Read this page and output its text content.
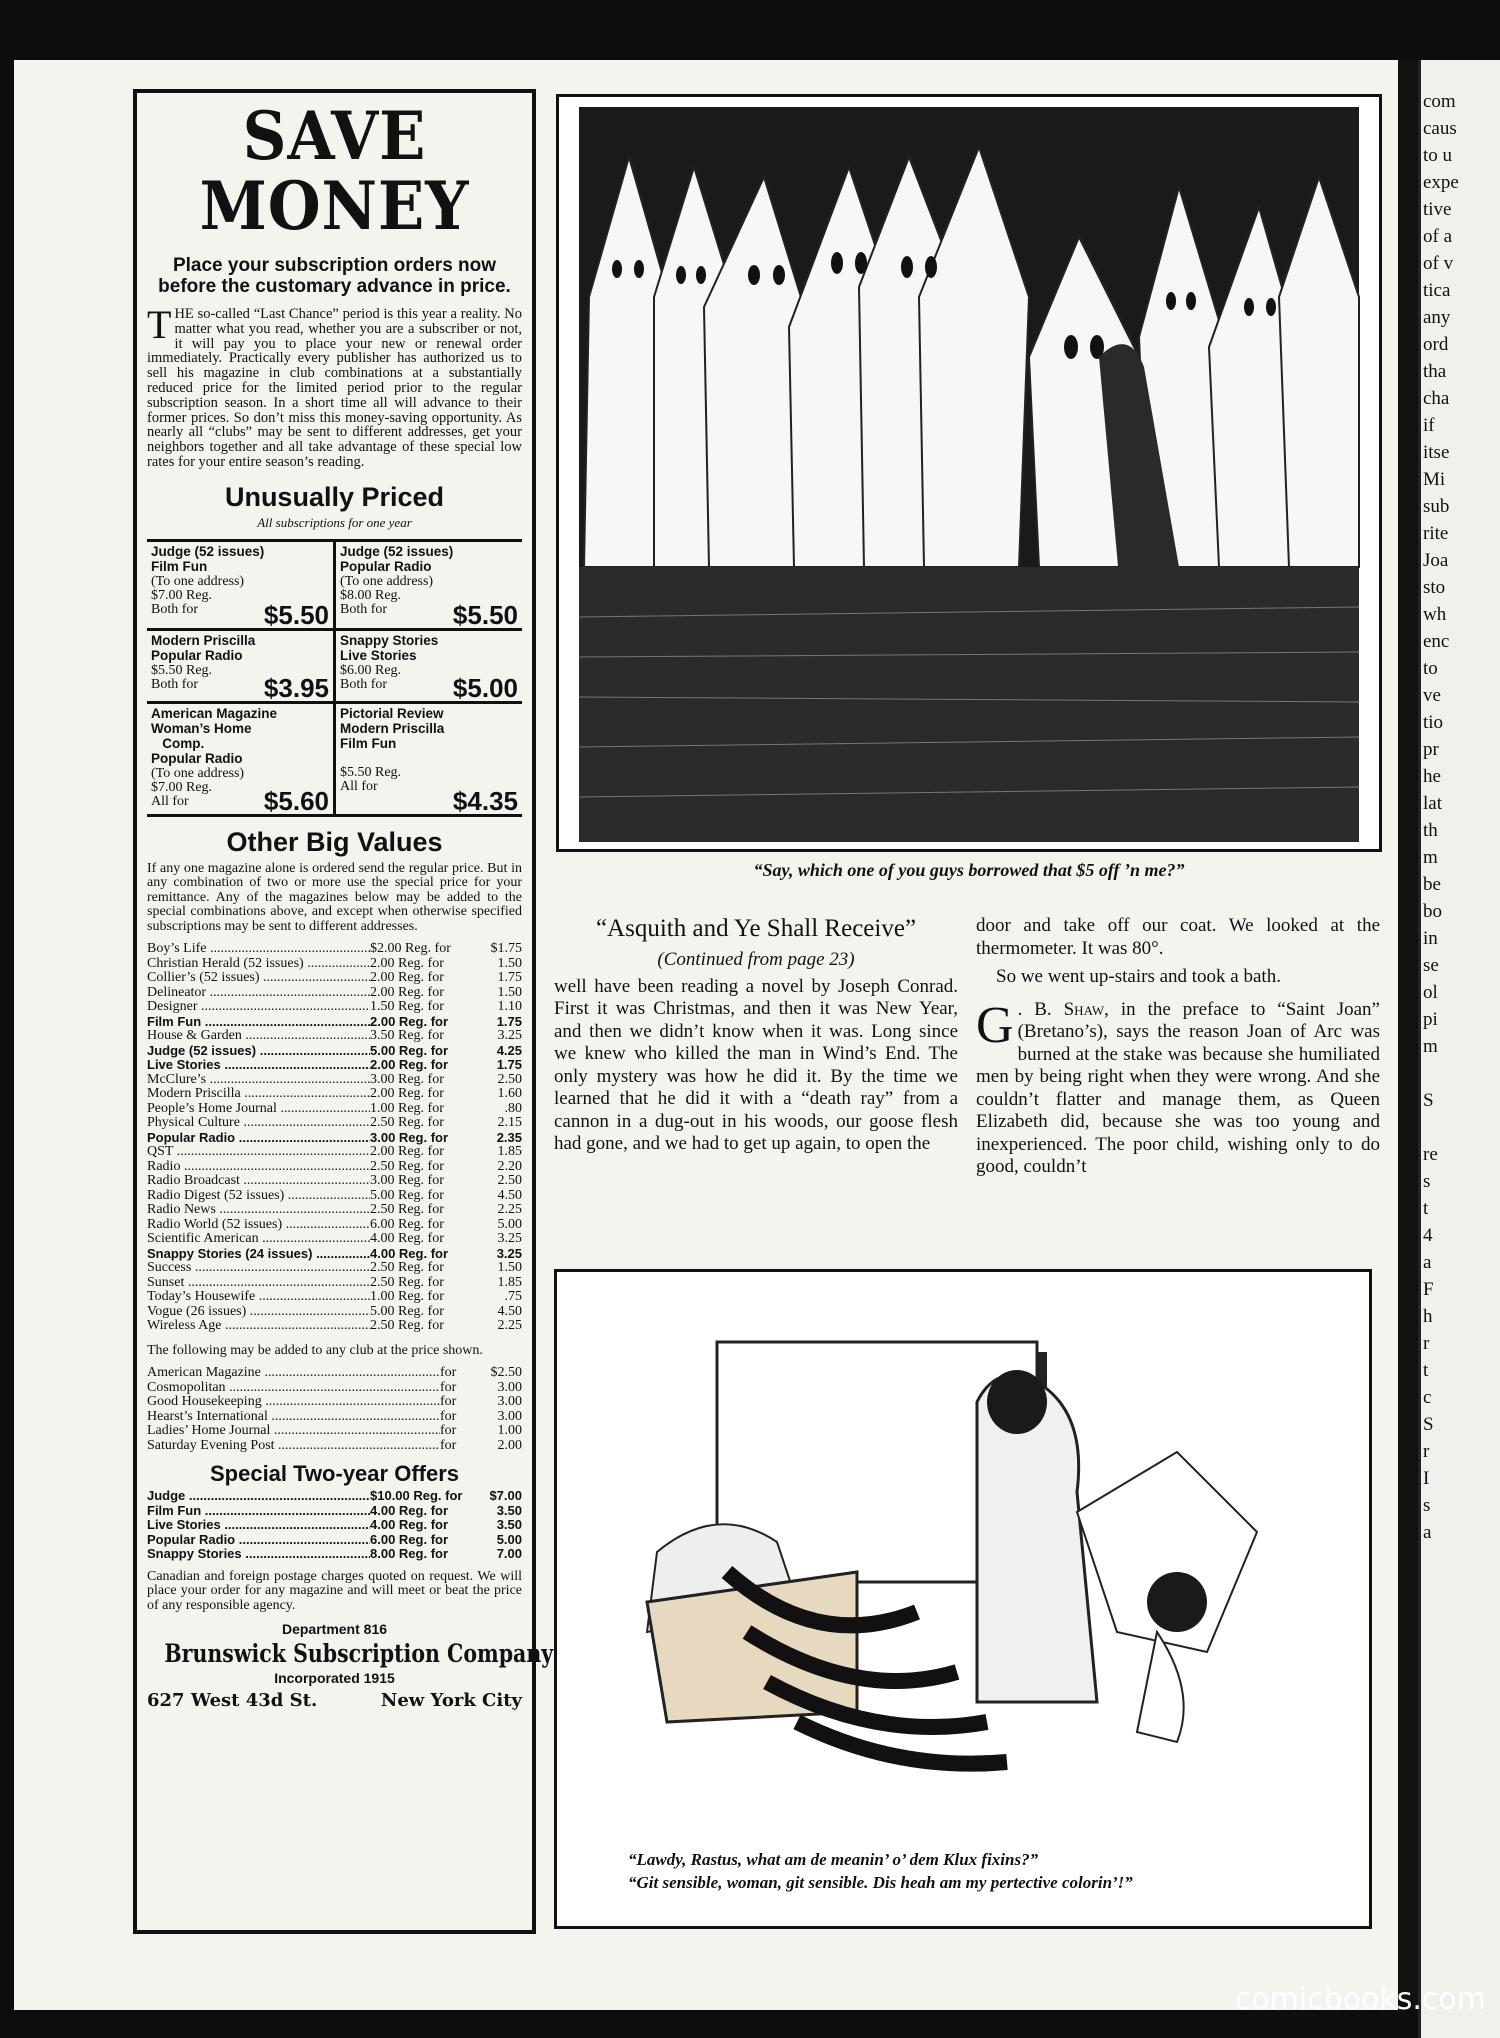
com
caus
to u
expe
tive
of a
of v
tica
any
ord
tha
cha
if
itse
Mi
sub
rite
Joa
sto
wh
enc
to
ve
tio
pr
he
lat
th
m
be
bo
in
se
ol
pi
m

S

re
s
t
4
a
F
h
r
t
c
S
r
I
s
a
SAVE MONEY
Place your subscription orders now before the customary advance in price.
THE so-called “Last Chance” period is this year a reality. No matter what you read, whether you are a subscriber or not, it will pay you to place your new or renewal order immediately. Practically every publisher has authorized us to sell his magazine in club combinations at a substantially reduced price for the limited period prior to the regular subscription season. In a short time all will advance to their former prices. So don’t miss this money-saving opportunity. As nearly all “clubs” may be sent to different addresses, get your neighbors together and all take advantage of these special low rates for your entire season’s reading.
Unusually Priced
All subscriptions for one year
Judge (52 issues)
Film Fun
(To one address)
$7.00 Reg.
Both for	$5.50
Judge (52 issues)
Popular Radio
(To one address)
$8.00 Reg.
Both for	$5.50
Modern Priscilla
Popular Radio
$5.50 Reg.
Both for	$3.95
Snappy Stories
Live Stories
$6.00 Reg.
Both for	$5.00
American Magazine
Woman’s Home
Comp.
Popular Radio
(To one address)
$7.00 Reg.
All for	$5.60
Pictorial Review
Modern Priscilla
Film Fun

$5.50 Reg.
All for	$4.35
Other Big Values
If any one magazine alone is ordered send the regular price. But in any combination of two or more use the special price for your remittance. Any of the magazines below may be added to the special combinations above, and except when otherwise specified subscriptions may be sent to different addresses.
Boy’s Life .....	$2.00 Reg. for	$1.75
Christian Herald (52 issues) .....	2.00 Reg. for	1.50
Collier’s (52 issues) .....	2.00 Reg. for	1.75
Delineator .....	2.00 Reg. for	1.50
Designer .....	1.50 Reg. for	1.10
Film Fun .....	2.00 Reg. for	1.75
House & Garden .....	3.50 Reg. for	3.25
Judge (52 issues) .....	5.00 Reg. for	4.25
Live Stories .....	2.00 Reg. for	1.75
McClure’s .....	3.00 Reg. for	2.50
Modern Priscilla .....	2.00 Reg. for	1.60
People’s Home Journal .....	1.00 Reg. for	.80
Physical Culture .....	2.50 Reg. for	2.15
Popular Radio .....	3.00 Reg. for	2.35
QST .....	2.00 Reg. for	1.85
Radio .....	2.50 Reg. for	2.20
Radio Broadcast .....	3.00 Reg. for	2.50
Radio Digest (52 issues) .....	5.00 Reg. for	4.50
Radio News .....	2.50 Reg. for	2.25
Radio World (52 issues) .....	6.00 Reg. for	5.00
Scientific American .....	4.00 Reg. for	3.25
Snappy Stories (24 issues) .....	4.00 Reg. for	3.25
Success .....	2.50 Reg. for	1.50
Sunset .....	2.50 Reg. for	1.85
Today’s Housewife .....	1.00 Reg. for	.75
Vogue (26 issues) .....	5.00 Reg. for	4.50
Wireless Age .....	2.50 Reg. for	2.25
The following may be added to any club at the price shown.
American Magazine .....	for	$2.50
Cosmopolitan .....	for	3.00
Good Housekeeping .....	for	3.00
Hearst’s International .....	for	3.00
Ladies’ Home Journal .....	for	1.00
Saturday Evening Post .....	for	2.00
Special Two-year Offers
Judge .....	$10.00 Reg. for	$7.00
Film Fun .....	4.00 Reg. for	3.50
Live Stories .....	4.00 Reg. for	3.50
Popular Radio .....	6.00 Reg. for	5.00
Snappy Stories .....	8.00 Reg. for	7.00
Canadian and foreign postage charges quoted on request. We will place your order for any magazine and will meet or beat the price of any responsible agency.
Department 816
Brunswick Subscription Company
Incorporated 1915
627 West 43d St.	New York City
“Say, which one of you guys borrowed that $5 off ’n me?”
“Asquith and Ye Shall Receive”
(Continued from page 23)
well have been reading a novel by Joseph Conrad. First it was Christmas, and then it was New Year, and then we didn’t know when it was. Long since we knew who killed the man in Wind’s End. The only mystery was how he did it. By the time we learned that he did it with a “death ray” from a cannon in a dug-out in his woods, our goose flesh had gone, and we had to get up again, to open the
door and take off our coat. We looked at the thermometer. It was 80°.
So we went up-stairs and took a bath.
G . B. Shaw, in the preface to “Saint Joan” (Bretano’s), says the reason Joan of Arc was burned at the stake was because she humiliated men by being right when they were wrong. And she couldn’t flatter and manage them, as Queen Elizabeth did, because she was too young and inexperienced. The poor child, wishing only to do good, couldn’t
“Lawdy, Rastus, what am de meanin’ o’ dem Klux fixins?”
“Git sensible, woman, git sensible. Dis heah am my pertective colorin’!”
comicbooks.com
